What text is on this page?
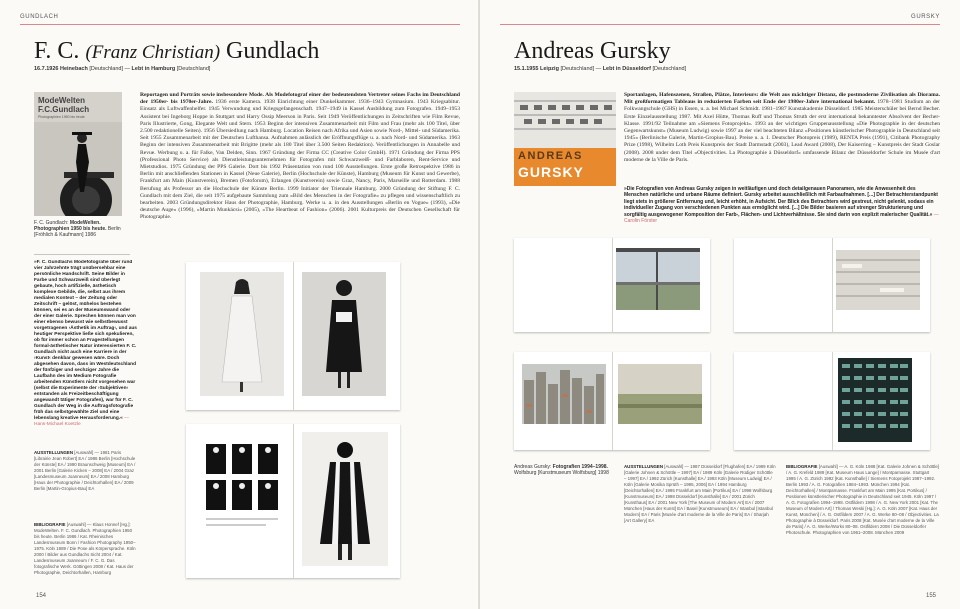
GUNDLACH
F. C. (Franz Christian) Gundlach
16.7.1926 Heinebach [Deutschland] — Lebt in Hamburg [Deutschland]
ModeWelten
F.C.Gundlach
Photographien 1950 bis heute
F. C. Gundlach: ModeWelten. Photographien 1950 bis heute. Berlin [Fröhlich & Kaufmann] 1986
Reportagen und Porträts sowie insbesondere Mode. Als Modefotograf einer der bedeutendsten Vertreter seines Fachs im Deutschland der 1950er- bis 1970er-Jahre. 1936 erste Kamera. 1938 Einrichtung einer Dunkelkammer. 1936–1943 Gymnasium. 1943 Kriegsabitur. Einsatz als Luftwaffenhelfer. 1945 Verwundung und Kriegsgefangenschaft. 1947–1949 in Kassel Ausbildung zum Fotografen. 1949–1953 Assistent bei Ingeborg Hoppe in Stuttgart und Harry Ossip Meerson in Paris. Seit 1949 Veröffentlichungen in Zeitschriften wie Film Revue, Paris Illustrierte, Gong, Elegante Welt und Stern. 1953 Beginn der intensiven Zusammenarbeit mit Film und Frau (mehr als 100 Titel, über 2.500 redaktionelle Seiten). 1956 Übersiedlung nach Hamburg. Location Reisen nach Afrika und Asien sowie Nord-, Mittel- und Südamerika. Seit 1955 Zusammenarbeit mit der Deutschen Lufthansa. Aufnahmen anlässlich der Eröffnungsflüge u. a. nach Nord- und Südamerika. 1963 Beginn der intensiven Zusammenarbeit mit Brigitte (mehr als 180 Titel über 3.500 Seiten Redaktion). Veröffentlichungen in Annabelle und Revue. Werbung u. a. für Falke, Van Delden, Sinn. 1967 Gründung der Firma CC (Creative Color GmbH). 1971 Gründung der Firma PPS (Professional Photo Service) als Dienstleistungsunternehmen für Fotografen mit Schwarzweiß- und Farblaboren, Rent-Service und Mietstudios. 1975 Gründung der PPS Galerie. Dort bis 1992 Präsentation von rund 100 Ausstellungen. Erste große Retrospektive 1986 in Berlin mit anschließenden Stationen in Kassel (Neue Galerie), Berlin (Hochschule der Künste), Hamburg (Museum für Kunst und Gewerbe), Frankfurt am Main (Kunstverein), Bremen (Fotoforum), Erlangen (Kunstverein) sowie Graz, Nancy, Paris, Marseille und Rotterdam. 1988 Berufung als Professor an die Hochschule der Künste Berlin. 1999 Initiator der Triennale Hamburg. 2000 Gründung der Stiftung F. C. Gundlach mit dem Ziel, die seit 1975 aufgebaute Sammlung zum »Bild des Menschen in der Fotografie« zu pflegen und wissenschaftlich zu bearbeiten. 2003 Gründungsdirektor Haus der Photographie, Hamburg. Werke u. a. in den Ausstellungen »Berlin en Vogue« (1993), »Die deutsche Auge« (1996), »Martin Munkácsi« (2005), »The Heartbeat of Fashion« (2006). 2001 Kulturpreis der Deutschen Gesellschaft für Photographie.
»F. C. Gundlachs Modefotografie über rund vier Jahrzehnte trägt unübersehbar eine persönliche Handschrift. Seine Bilder in Farbe und Schwarzweiß sind überlegt gebaute, hoch artifizielle, ästhetisch komplexe Gebilde, die, selbst aus ihrem medialen Kontext – der Zeitung oder Zeitschrift – gelöst, mühelos bestehen können, sei es an der Museumswand oder der einer Galerie. Sprechen können man von einer ebenso bewusst wie selbstbewusst vorgetragenen ›Ästhetik im Auftrag‹, und aus heutiger Perspektive ließe sich spekulieren, ob für immer schon an Fragestellungen formal-ästhetischer Natur interessierten F. C. Gundlach nicht auch eine Karriere in der ›Kunst‹ denkbar gewesen wäre. Doch abgesehen davon, dass im Westdeutschland der fünfziger und sechziger Jahre die Laufbahn des im Medium Fotografie arbeitenden Künstlers nicht vorgesehen war (selbst die Experimente der ›Subjektiven‹ entstanden als Freizeitbeschäftigung angewandt tätiger Fotografen), war für F. C. Gundlach der Weg in die Auftragsfotografie früh das selbstgewählte Ziel und eine lebenslang kreative Herausforderung.« — Hans-Michael Koetzle
AUSSTELLUNGEN [Auswahl] — 1981 Paris [Librairie Jean Robert] EA / 1986 Berlin [Hochschule der Künste] EA / 1990 Braunschweig [Museum] EA / 2001 Berlin [Galerie Kicken – 2008] EA / 2004 Graz [Landesmuseum Joanneum] EA / 2008 Hamburg [Haus der Photographie / Deichtorhallen] EA / 2009 Berlin [Martin-Gropius-Bau] EA
BIBLIOGRAFIE [Auswahl] — Klaus Honnef [Hg.]: ModeWelten. F. C. Gundlach. Photographien 1950 bis heute. Berlin 1986 / Kat. Rheinisches Landesmuseum Bonn / Fashion Photography 1950–1975. Köln 1989 / Die Pose als Körpersprache. Köln 2000 / Bilder aus Gundlachs Sicht 2004 / Kat. Landesmuseum Joanneum / F. C. G. Das fotografische Werk. Göttingen 2008 / Kat. Haus der Photographie, Deichtorhallen, Hamburg
154
GURSKY
Andreas Gursky
15.1.1955 Leipzig [Deutschland] — Lebt in Düsseldorf [Deutschland]
ANDREAS
GURSKY
Sportanlagen, Hafenszenen, Straßen, Plätze, Interieurs: die Welt aus mächtiger Distanz, die postmoderne Zivilisation als Diorama. Mit großformatigen Tableaus in reduzierten Farben seit Ende der 1980er-Jahre international bekannt. 1978–1981 Studium an der Folkwangschule (GHS) in Essen, u. a. bei Michael Schmidt. 1981–1987 Kunstakademie Düsseldorf. 1985 Meisterschüler bei Bernd Becher. Erste Einzelausstellung 1987. Mit Axel Hütte, Thomas Ruff und Thomas Struth der erst international bekanntester Absolvent der Becher-Klasse. 1991/92 Teilnahme am »Siemens Fotoprojekt«. 1993 an der wichtigen Gruppenausstellung »Die Photographie in der deutschen Gegenwartskunst« (Museum Ludwig) sowie 1997 an der viel beachteten Bilanz »Positionen künstlerischer Photographie in Deutschland seit 1945« (Berlinische Galerie, Martin-Gropius-Bau). Preise u. a. 1. Deutscher Photopreis (1989), RENTA Preis (1991), Citibank Photography Prize (1998), Wilhelm Loth Preis Kunstpreis der Stadt Darmstadt (2003), Lead Award (2008), Der Kaiserring – Kunstpreis der Stadt Goslar (2008). 2008 under dem Titel »Objectivities. La Photographie à Düsseldorf« umfassende Bilanz der Düsseldorfer Schule im Musée d'art moderne de la Ville de Paris.
»Die Fotografien von Andreas Gursky zeigen in weitläufigen und doch detailgenauen Panoramen, wie die Anwesenheit des Menschen natürliche und urbane Räume definiert. Gursky arbeitet ausschließlich mit Farbaufnahmen. [...] Der Betrachterstandpunkt liegt stets in größerer Entfernung und, leicht erhöht, in Aufsicht. Der Blick des Betrachters wird gestreut, nicht gelenkt, sodass ein individueller Zugang von verschiedenen Punkten aus ermöglicht wird. [...] Die Bilder basieren auf strenger Strukturierung und sorgfältig ausgewogener Komposition der Farb-, Flächen- und Lichtverhältnisse. Sie sind darin von explizit malerischer Qualität.« — Carolin Förster
Andreas Gursky: Fotografien 1994–1998.
Wolfsburg [Kunstmuseum Wolfsburg] 1998
AUSSTELLUNGEN [Auswahl] — 1987 Düsseldorf [Flughafen] EA / 1989 Köln [Galerie Johnen & Schöttle – 1997] EA / 1989 Köln [Galerie Rüdiger Schöttle – 1997] EA / 1992 Zürich [Kunsthalle] EA / 1993 Köln [Museum Ludwig] EA / Köln [Galerie Monika Sprüth – 1995, 2006] EA / 1994 Hamburg [Deichtorhallen] EA / 1995 Frankfurt am Main [Portikus] EA / 1998 Wolfsburg [Kunstmuseum] EA / 1998 Düsseldorf [Kunsthalle] EA / 2001 Zürich [Kunsthaus] EA / 2001 New York [The Museum of Modern Art] EA / 2007 München [Haus der Kunst] EA / Basel [Kunstmuseum] EA / Istanbul [Istanbul Modern] EA / Paris [Musée d'art moderne de la Ville de Paris] EA / Sharjah [Art Gallery] EA
BIBLIOGRAFIE [Auswahl] — A. G. Köln 1988 [Kat. Galerie Johnen & Schöttle] / A. G. Krefeld 1989 [Kat. Museum Haus Lange] / Montparnasse. Stuttgart 1995 / A. G. Zürich 1992 [Kat. Kunsthalle] / Siemens Fotoprojekt 1987–1992. Berlin 1993 / A. G. Fotografien 1984–1993. München 1994 [Kat. Deichtorhallen] / Montparnasse. Frankfurt am Main 1995 [Kat. Portikus] / Positionen künstlerischer Photographie in Deutschland seit 1945. Köln 1997 / A. G. Fotografien 1994–1998. Ostfildern 1998 / A. G. New York 2001 [Kat. The Museum of Modern Art] / Thomas Weski [Hg.]: A. G. Köln 2007 [Kat. Haus der Kunst, München] / A. G. Ostfildern 2007 / A. G. Werke 80–08 / Objectivities. La Photographie à Düsseldorf. Paris 2008 [Kat. Musée d'art moderne de la Ville de Paris] / A. G. Werke/Works 80–08. Ostfildern 2008 / Die Düsseldorfer Photoschule. Photographien von 1961–2008. München 2009
155
